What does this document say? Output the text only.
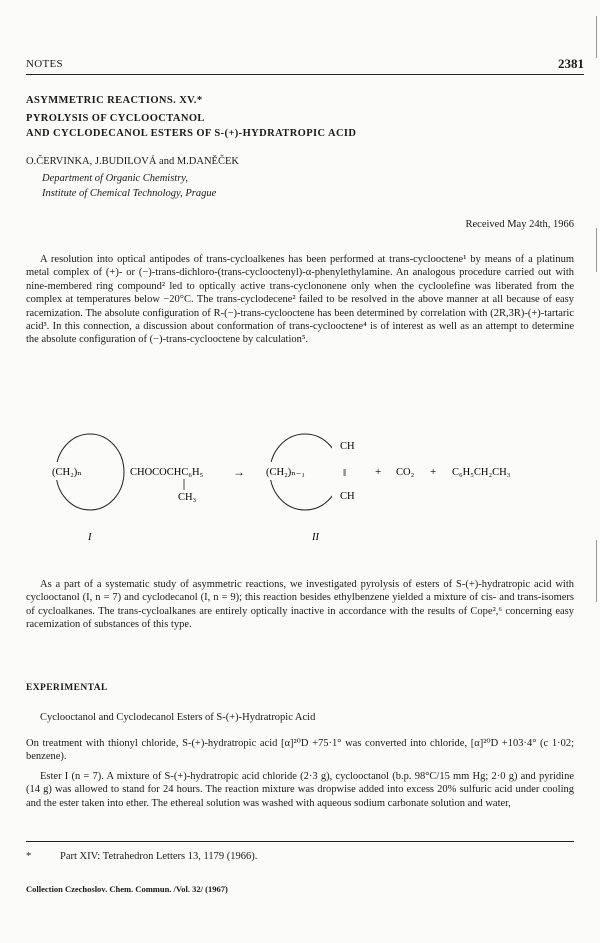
NOTES	2381
ASYMMETRIC REACTIONS. XV.*
PYROLYSIS OF CYCLOOCTANOL
AND CYCLODECANOL ESTERS OF S-(+)-HYDRATROPIC ACID
O.ČERVINKA, J.BUDILOVÁ and M.DANĚČEK
Department of Organic Chemistry,
Institute of Chemical Technology, Prague
Received May 24th, 1966
A resolution into optical antipodes of trans-cycloalkenes has been performed at trans-cyclooctene¹ by means of a platinum metal complex of (+)- or (−)-trans-dichloro-(trans-cyclooctenyl)-α-phenylethylamine. An analogous procedure carried out with nine-membered ring compound² led to optically active trans-cyclononene only when the cycloolefine was liberated from the complex at temperatures below −20°C. The trans-cyclodecene² failed to be resolved in the above manner at all because of easy racemization. The absolute configuration of R-(−)-trans-cyclooctene has been determined by correlation with (2R,3R)-(+)-tartaric acid³. In this connection, a discussion about conformation of trans-cyclooctene⁴ is of interest as well as an attempt to determine the absolute configuration of (−)-trans-cyclooctene by calculation⁵.
(CH₂)ₙ	CHOCOCHC₆H₅
CH₃
→ (CH₂)ₙ₋₁
CH
‖
CH
+ CO₂ + C₆H₅CH₂CH₃
I	II
As a part of a systematic study of asymmetric reactions, we investigated pyrolysis of esters of S-(+)-hydratropic acid with cyclooctanol (I, n = 7) and cyclodecanol (I, n = 9); this reaction besides ethylbenzene yielded a mixture of cis- and trans-isomers of cycloalkanes. The trans-cycloalkanes are entirely optically inactive in accordance with the results of Cope²,⁶ concerning easy racemization of substances of this type.
EXPERIMENTAL
Cyclooctanol and Cyclodecanol Esters of S-(+)-Hydratropic Acid
On treatment with thionyl chloride, S-(+)-hydratropic acid [α]²⁰D +75·1° was converted into chloride, [α]²⁰D +103·4° (c 1·02; benzene).
Ester I (n = 7). A mixture of S-(+)-hydratropic acid chloride (2·3 g), cyclooctanol (b.p. 98°C/15 mm Hg; 2·0 g) and pyridine (14 g) was allowed to stand for 24 hours. The reaction mixture was dropwise added into excess 20% sulfuric acid under cooling and the ester taken into ether. The ethereal solution was washed with aqueous sodium carbonate solution and water,
*	Part XIV: Tetrahedron Letters 13, 1179 (1966).
Collection Czechoslov. Chem. Commun. /Vol. 32/ (1967)
